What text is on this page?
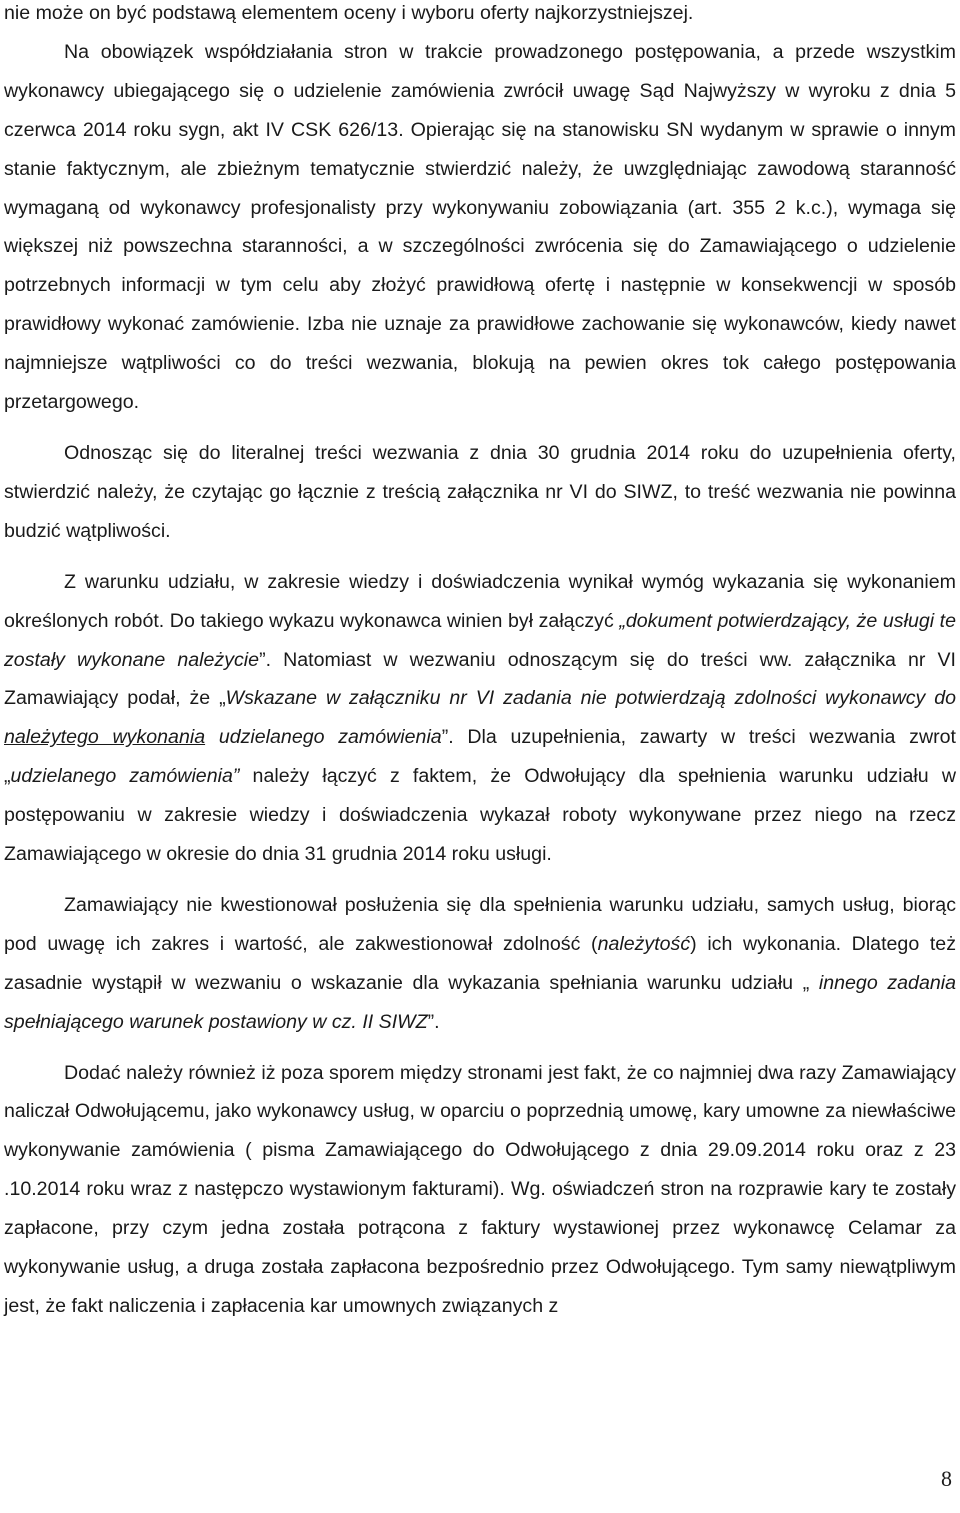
nie może on być podstawą elementem oceny i wyboru oferty najkorzystniejszej.

Na obowiązek współdziałania stron w trakcie prowadzonego postępowania, a przede wszystkim wykonawcy ubiegającego się o udzielenie zamówienia zwrócił uwagę Sąd Najwyższy w wyroku z dnia 5 czerwca 2014 roku sygn, akt IV CSK 626/13. Opierając się na stanowisku SN wydanym w sprawie o innym stanie faktycznym, ale zbieżnym tematycznie stwierdzić należy, że uwzględniając zawodową staranność wymaganą od wykonawcy profesjonalisty przy wykonywaniu zobowiązania (art. 355 2 k.c.), wymaga się większej niż powszechna staranności, a w szczególności zwrócenia się do Zamawiającego o udzielenie potrzebnych informacji w tym celu aby złożyć prawidłową ofertę i następnie w konsekwencji w sposób prawidłowy wykonać zamówienie. Izba nie uznaje za prawidłowe zachowanie się wykonawców, kiedy nawet najmniejsze wątpliwości co do treści wezwania, blokują na pewien okres tok całego postępowania przetargowego.

Odnosząc się do literalnej treści wezwania z dnia 30 grudnia 2014 roku do uzupełnienia oferty, stwierdzić należy, że czytając go łącznie z treścią załącznika nr VI do SIWZ, to treść wezwania nie powinna budzić wątpliwości.

Z warunku udziału, w zakresie wiedzy i doświadczenia wynikał wymóg wykazania się wykonaniem określonych robót. Do takiego wykazu wykonawca winien był załączyć „dokument potwierdzający, że usługi te zostały wykonane należycie”. Natomiast w wezwaniu odnoszącym się do treści ww. załącznika nr VI Zamawiający podał, że „Wskazane w załączniku nr VI zadania nie potwierdzają zdolności wykonawcy do należytego wykonania udzielanego zamówienia”. Dla uzupełnienia, zawarty w treści wezwania zwrot „udzielanego zamówienia” należy łączyć z faktem, że Odwołujący dla spełnienia warunku udziału w postępowaniu w zakresie wiedzy i doświadczenia wykazał roboty wykonywane przez niego na rzecz Zamawiającego w okresie do dnia 31 grudnia 2014 roku usługi.

Zamawiający nie kwestionował posłużenia się dla spełnienia warunku udziału, samych usług, biorąc pod uwagę ich zakres i wartość, ale zakwestionował zdolność (należytość) ich wykonania. Dlatego też zasadnie wystąpił w wezwaniu o wskazanie dla wykazania spełniania warunku udziału „ innego zadania spełniającego warunek postawiony w cz. II SIWZ”.

Dodać należy również iż poza sporem między stronami jest fakt, że co najmniej dwa razy Zamawiający naliczał Odwołującemu, jako wykonawcy usług, w oparciu o poprzednią umowę, kary umowne za niewłaściwe wykonywanie zamówienia ( pisma Zamawiającego do Odwołującego z dnia 29.09.2014 roku oraz z 23 .10.2014 roku wraz z następczo wystawionym fakturami). Wg. oświadczeń stron na rozprawie kary te zostały zapłacone, przy czym jedna została potrącona z faktury wystawionej przez wykonawcę Celamar za wykonywanie usług, a druga została zapłacona bezpośrednio przez Odwołującego. Tym samy niewątpliwym jest, że fakt naliczenia i zapłacenia kar umownych związanych z

8
